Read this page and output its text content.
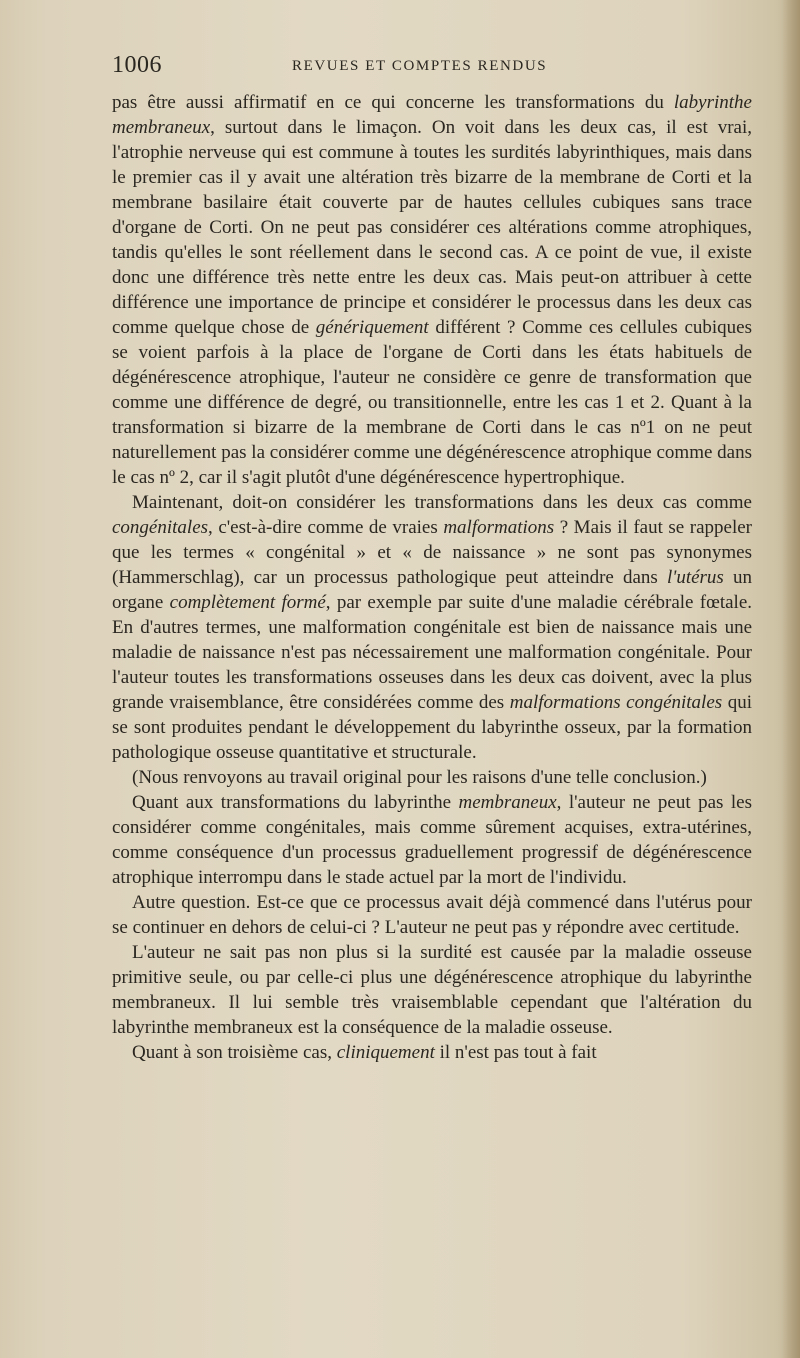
1006	REVUES ET COMPTES RENDUS

pas être aussi affirmatif en ce qui concerne les transformations du labyrinthe membraneux, surtout dans le limaçon. On voit dans les deux cas, il est vrai, l'atrophie nerveuse qui est commune à toutes les surdités labyrinthiques, mais dans le premier cas il y avait une altération très bizarre de la membrane de Corti et la membrane basilaire était couverte par de hautes cellules cubiques sans trace d'organe de Corti. On ne peut pas considérer ces altérations comme atrophiques, tandis qu'elles le sont réellement dans le second cas. A ce point de vue, il existe donc une différence très nette entre les deux cas. Mais peut-on attribuer à cette différence une importance de principe et considérer le processus dans les deux cas comme quelque chose de génériquement différent ? Comme ces cellules cubiques se voient parfois à la place de l'organe de Corti dans les états habituels de dégénérescence atrophique, l'auteur ne considère ce genre de transformation que comme une différence de degré, ou transitionnelle, entre les cas 1 et 2. Quant à la transformation si bizarre de la membrane de Corti dans le cas nº1 on ne peut naturellement pas la considérer comme une dégénérescence atrophique comme dans le cas nº 2, car il s'agit plutôt d'une dégénérescence hypertrophique.

Maintenant, doit-on considérer les transformations dans les deux cas comme congénitales, c'est-à-dire comme de vraies malformations ? Mais il faut se rappeler que les termes « congénital » et « de naissance » ne sont pas synonymes (Hammerschlag), car un processus pathologique peut atteindre dans l'utérus un organe complètement formé, par exemple par suite d'une maladie cérébrale fœtale. En d'autres termes, une malformation congénitale est bien de naissance mais une maladie de naissance n'est pas nécessairement une malformation congénitale. Pour l'auteur toutes les transformations osseuses dans les deux cas doivent, avec la plus grande vraisemblance, être considérées comme des malformations congénitales qui se sont produites pendant le développement du labyrinthe osseux, par la formation pathologique osseuse quantitative et structurale.

(Nous renvoyons au travail original pour les raisons d'une telle conclusion.)

Quant aux transformations du labyrinthe membraneux, l'auteur ne peut pas les considérer comme congénitales, mais comme sûrement acquises, extra-utérines, comme conséquence d'un processus graduellement progressif de dégénérescence atrophique interrompu dans le stade actuel par la mort de l'individu.

Autre question. Est-ce que ce processus avait déjà commencé dans l'utérus pour se continuer en dehors de celui-ci ? L'auteur ne peut pas y répondre avec certitude.

L'auteur ne sait pas non plus si la surdité est causée par la maladie osseuse primitive seule, ou par celle-ci plus une dégénérescence atrophique du labyrinthe membraneux. Il lui semble très vraisemblable cependant que l'altération du labyrinthe membraneux est la conséquence de la maladie osseuse.

Quant à son troisième cas, cliniquement il n'est pas tout à fait
